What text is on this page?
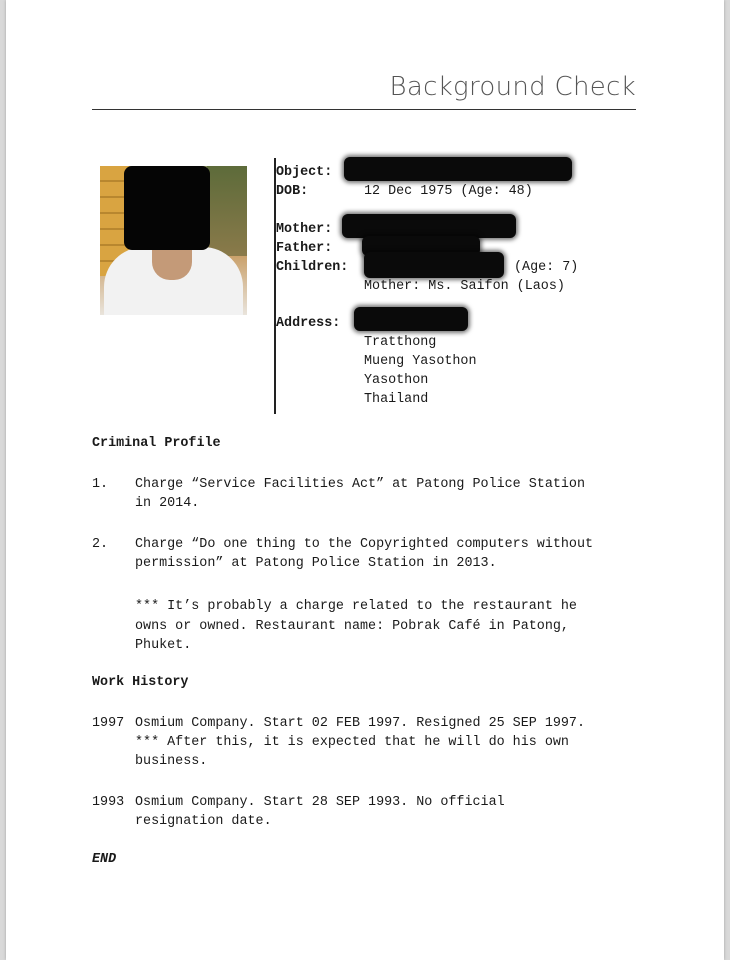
Background Check
Object:
DOB:	12 Dec 1975 (Age: 48)
Mother:
Father:
Children:	(Age: 7)
Mother: Ms. Saifon (Laos)
Address:
Tratthong
Mueng Yasothon
Yasothon
Thailand
Criminal Profile
1. Charge “Service Facilities Act” at Patong Police Station
in 2014.
2. Charge “Do one thing to the Copyrighted computers without
permission” at Patong Police Station in 2013.
*** It’s probably a charge related to the restaurant he
owns or owned. Restaurant name: Pobrak Café in Patong,
Phuket.
Work History
1997 Osmium Company. Start 02 FEB 1997. Resigned 25 SEP 1997.
*** After this, it is expected that he will do his own
business.
1993 Osmium Company. Start 28 SEP 1993. No official
resignation date.
END
